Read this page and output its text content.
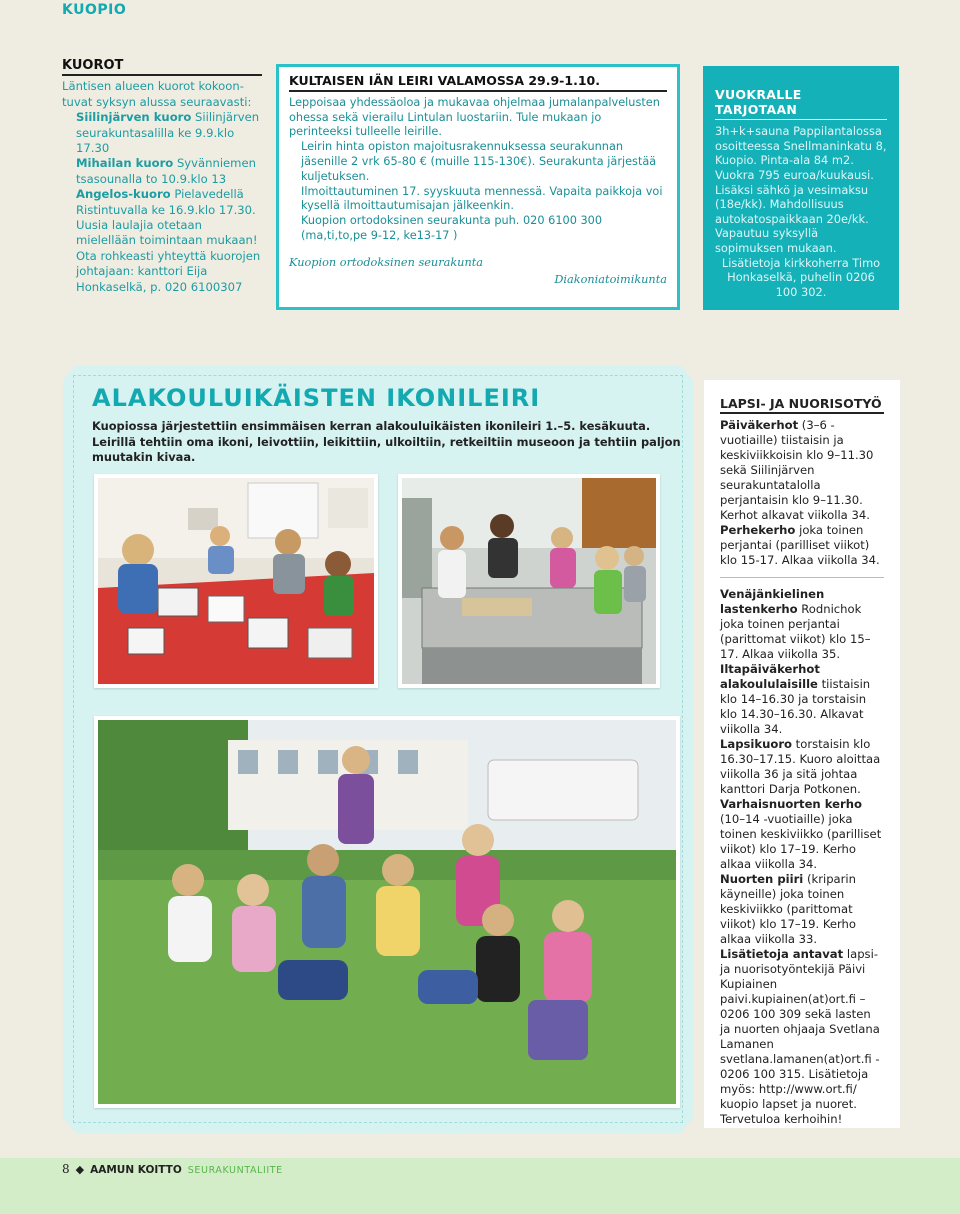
KUOPIO
KUOROT

Läntisen alueen kuorot kokoon-

tuvat syksyn alussa seuraavasti:

Siilinjärven kuoro Siilinjärven seurakuntasalilla ke 9.9.klo 17.30

Mihailan kuoro Syvänniemen tsasounalla to 10.9.klo 13

Angelos-kuoro Pielavedellä Ristintuvalla ke 16.9.klo 17.30.

Uusia laulajia otetaan mielellään toimintaan mukaan! Ota rohkeasti yhteyttä kuorojen johtajaan: kanttori Eija Honkaselkä, p. 020 6100307

KULTAISEN IÄN LEIRI VALAMOSSA 29.9-1.10.

Leppoisaa yhdessäoloa ja mukavaa ohjelmaa jumalanpalvelusten ohessa sekä vierailu Lintulan luostariin. Tule mukaan jo perinteeksi tulleelle leirille.

Leirin hinta opiston majoitusrakennuksessa seurakunnan jäsenille 2 vrk 65-80 € (muille 115-130€). Seurakunta järjestää kuljetuksen.

Ilmoittautuminen 17. syyskuuta mennessä. Vapaita paikkoja voi kysellä ilmoittautumisajan jälkeenkin.

Kuopion ortodoksinen seurakunta puh. 020 6100 300 (ma,ti,to,pe 9-12, ke13-17 )

Kuopion ortodoksinen seurakunta

Diakoniatoimikunta

VUOKRALLE TARJOTAAN

3h+k+sauna Pappilantalossa osoitteessa Snellmaninkatu 8, Kuopio. Pinta-ala 84 m2. Vuokra 795 euroa/kuukausi. Lisäksi sähkö ja vesimaksu (18e/kk). Mahdollisuus autokatospaikkaan 20e/kk. Vapautuu syksyllä sopimuksen mukaan.

Lisätietoja kirkkoherra Timo Honkaselkä, puhelin 0206 100 302.

ALAKOULUIKÄISTEN IKONILEIRI
Kuopiossa järjestettiin ensimmäisen kerran alakouluikäisten ikonileiri 1.–5. kesäkuuta. Leirillä tehtiin oma ikoni, leivottiin, leikittiin, ulkoiltiin, retkeiltiin museoon ja tehtiin paljon muutakin kivaa.
LAPSI- JA NUORISOTYÖ

Päiväkerhot (3–6 -vuotiaille) tiistaisin ja keskiviikkoisin klo 9–11.30 sekä Siilinjärven seurakuntatalolla perjantaisin klo 9–11.30. Kerhot alkavat viikolla 34.

Perhekerho joka toinen perjantai (parilliset viikot) klo 15-17. Alkaa viikolla 34.

Venäjänkielinen lastenkerho Rodnichok joka toinen perjantai (parittomat viikot) klo 15–17. Alkaa viikolla 35.

Iltapäiväkerhot alakoululaisille tiistaisin klo 14–16.30 ja torstaisin klo 14.30–16.30. Alkavat viikolla 34.

Lapsikuoro torstaisin klo 16.30–17.15. Kuoro aloittaa viikolla 36 ja sitä johtaa kanttori Darja Potkonen.

Varhaisnuorten kerho (10–14 -vuotiaille) joka toinen keskiviikko (parilliset viikot) klo 17–19. Kerho alkaa viikolla 34.

Nuorten piiri (kriparin käyneille) joka toinen keskiviikko (parittomat viikot) klo 17–19. Kerho alkaa viikolla 33.

Lisätietoja antavat lapsi- ja nuorisotyöntekijä Päivi Kupiainen paivi.kupiainen(at)ort.fi – 0206 100 309 sekä lasten ja nuorten ohjaaja Svetlana Lamanen svetlana.lamanen(at)ort.fi - 0206 100 315. Lisätietoja myös: http://www.ort.fi/ kuopio lapset ja nuoret. Tervetuloa kerhoihin!

8 ◆ AAMUN KOITTO SEURAKUNTALIITE
